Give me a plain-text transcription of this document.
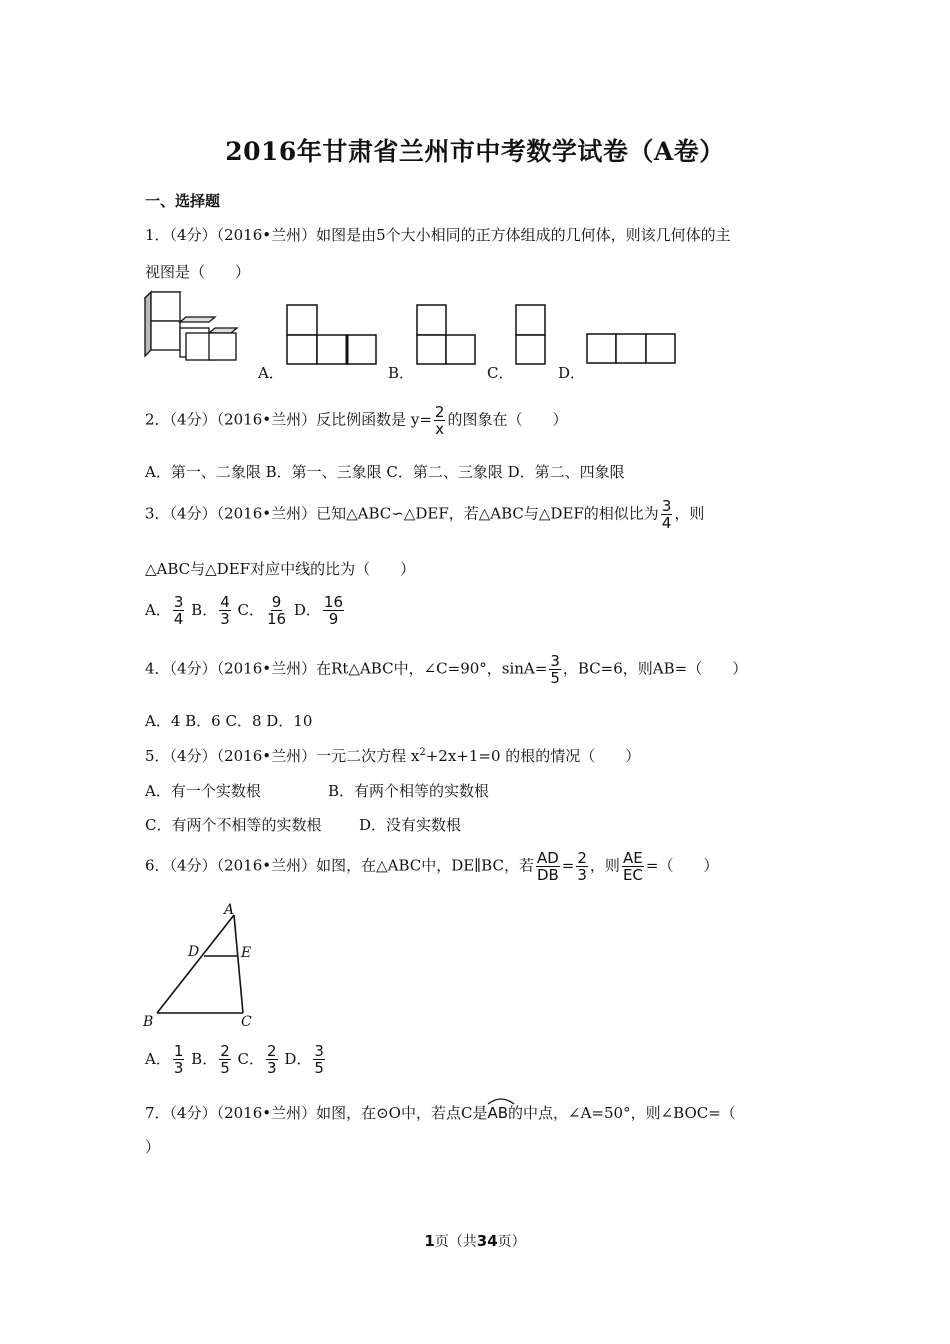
2016年甘肃省兰州市中考数学试卷（A卷）
一、选择题
1．（4分）（2016•兰州）如图是由5个大小相同的正方体组成的几何体，则该几何体的主
视图是（　　）
A．	B．	C．	D．
2．（4分）（2016•兰州）反比例函数是 $y= \frac{2}{x}$ 的图象在（　　）
A．第一、二象限 B．第一、三象限 C．第二、三象限 D．第二、四象限
3．（4分）（2016•兰州）已知△ABC∽△DEF，若△ABC与△DEF的相似比为 $\frac{3}{4}$ ，则
△ABC与△DEF对应中线的比为（　　）
A． $\frac{3}{4}$ B． $\frac{4}{3}$ C． $\frac{9}{16}$ D． $\frac{16}{9}$
4．（4分）（2016•兰州）在Rt△ABC中，∠C=90°，$\sin A= \frac{3}{5}$ ，BC=6，则AB=（　　）
A．4 B．6 C．8 D．10
5．（4分）（2016•兰州）一元二次方程 $x^2+2x+1=0$ 的根的情况（　　）
A．有一个实数根	B．有两个相等的实数根
C．有两个不相等的实数根	D．没有实数根
6．（4分）（2016•兰州）如图，在△ABC中，DE∥BC，若 $\frac{AD}{DB} = \frac{2}{3}$ ，则 $\frac{AE}{EC}$ =（　　）
A
D	E
B	C
A． $\frac{1}{3}$ B． $\frac{2}{5}$ C． $\frac{2}{3}$ D． $\frac{3}{5}$
7．（4分）（2016•兰州）如图，在⊙O中，若点C是
AB的中点，∠A=50°，则∠BOC=（
）
1页（共34页）
